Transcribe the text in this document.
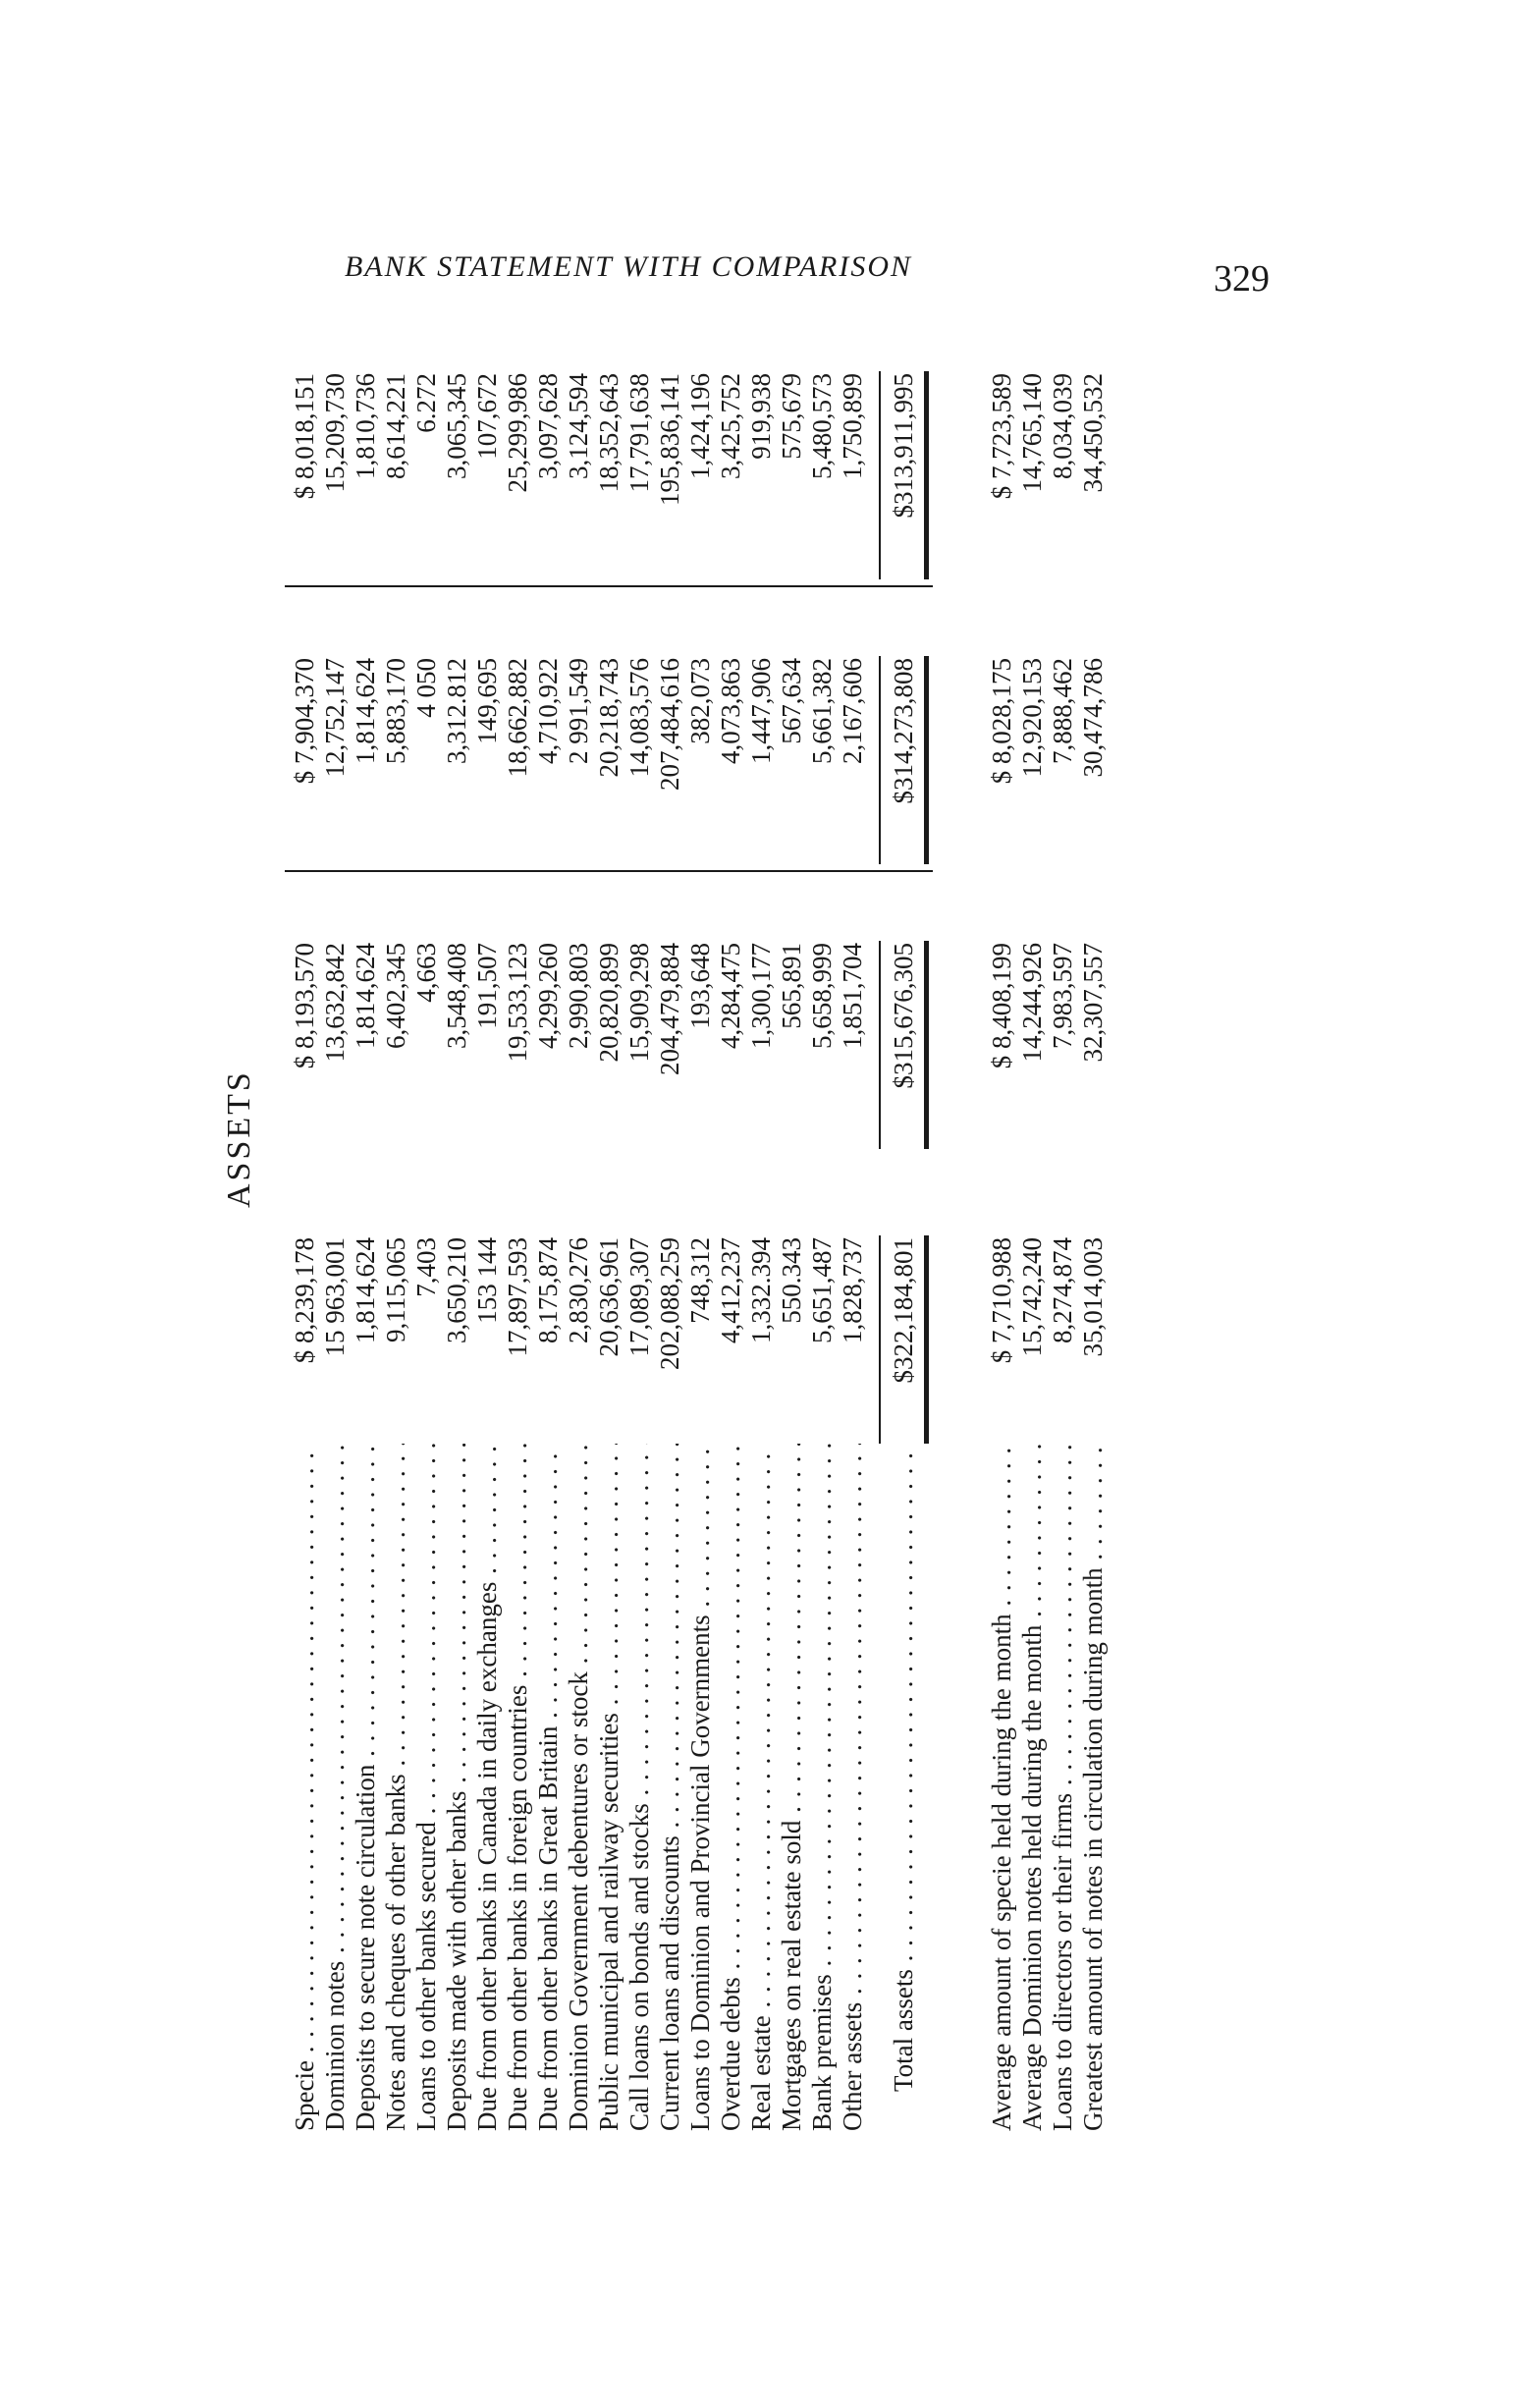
BANK STATEMENT WITH COMPARISON	329
ASSETS
Specie . . .
$ 8,239,178
$ 8,193,570
$ 7,904,370
$ 8,018,151
Dominion notes . . .
15 963,001
13,632,842
12,752,147
15,209,730
Deposits to secure note circulation . . .
1,814,624
1,814,624
1,814,624
1,810,736
Notes and cheques of other banks . . .
9,115,065
6,402,345
5,883,170
8,614,221
Loans to other banks secured . . .
7,403
4,663
4 050
6.272
Deposits made with other banks . . .
3,650,210
3,548,408
3,312.812
3,065,345
Due from other banks in Canada in daily exchanges . . .
153 144
191,507
149,695
107,672
Due from other banks in foreign countries . . .
17,897,593
19,533,123
18,662,882
25,299,986
Due from other banks in Great Britain . . .
8,175,874
4,299,260
4,710,922
3,097,628
Dominion Government debentures or stock . . .
2,830,276
2,990,803
2 991,549
3,124,594
Public municipal and railway securities . . .
20,636,961
20,820,899
20,218,743
18,352,643
Call loans on bonds and stocks . . .
17,089,307
15,909,298
14,083,576
17,791,638
Current loans and discounts . . .
202,088,259
204,479,884
207,484,616
195,836,141
Loans to Dominion and Provincial Governments . . .
748,312
193,648
382,073
1,424,196
Overdue debts . . .
4,412,237
4,284,475
4,073,863
3,425,752
Real estate . . .
1,332.394
1,300,177
1,447,906
919,938
Mortgages on real estate sold . . .
550.343
565,891
567,634
575,679
Bank premises . . .
5,651,487
5,658,999
5,661,382
5,480,573
Other assets . . .
1,828,737
1,851,704
2,167,606
1,750,899
Total assets . . .
$322,184,801
$315,676,305
$314,273,808
$313,911,995
Average amount of specie held during the month . . .
$ 7,710,988
$ 8,408,199
$ 8,028,175
$ 7,723,589
Average Dominion notes held during the month . . .
15,742,240
14,244,926
12,920,153
14,765,140
Loans to directors or their firms . . .
8,274,874
7,983,597
7,888,462
8,034,039
Greatest amount of notes in circulation during month . . .
35,014,003
32,307,557
30,474,786
34,450,532
